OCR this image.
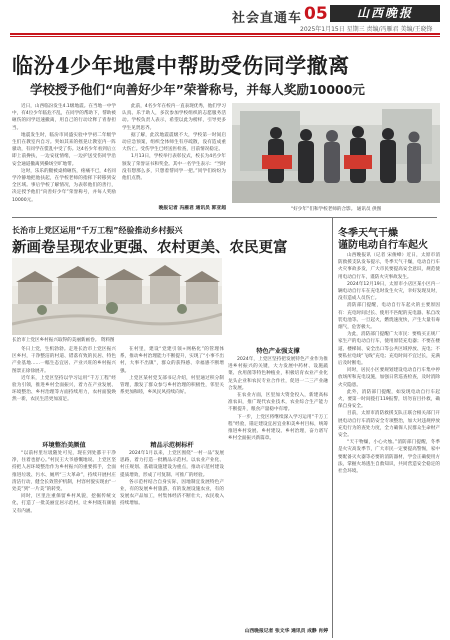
社会直通车 05	山西晚报
2025年1月15日 星期三 责编/冯雁君 美编/王晓锋
临汾4少年地震中帮助受伤同学撤离
学校授予他们“向善好少年”荣誉称号，并每人奖励10000元

近日，山西临汾发生4.1级地震。在当地一中学中，有4位少年临危不乱，在同学的帮助下，帮助被砸伤的同学迅速撤离，用自己的行动诠释了青春担当。

地震发生时，临汾市同盛实验中学初二年级学生们在教室内自习。突如其来的摇晃让教室内一阵骚动，有同学在慌乱中受了伤。这4名少年看到后立即上前搀扶，一边安抚情绪，一边护送受伤同学沿安全通道撤离到操场空旷地带。

这时，乐乐的腿被桌椅砸伤，疼痛不已，4名同学冷静地把他扶起，在学校老师的指挥下转移到安全区域。事后学校了解情况，为表彰他们的善行，决定授予他们“向善好少年”荣誉称号，并每人奖励10000元。

此前，4名少年在校内一直表现优秀，他们学习认真、乐于助人，多次参加学校组织的志愿服务活动。学校负责人表示，希望以此为榜样，引导更多学生见贤思齐。

据了解，此次地震震级不大，学校第一时间启动应急预案，组织全体师生有序疏散，没有造成重大伤亡。受伤学生已经送医检查，目前情况稳定。

1月13日，学校举行表彰仪式，校长为4名少年颁发了荣誉证书和奖金。其中一名学生表示：“当时没有想那么多，只想着帮同学一把。”同学们纷纷为他们点赞。

晚报记者 冯雁君 通讯员 郭亚超	“好少年”们和学校老师的合影。 通讯员 供图
长治市上党区运用“千万工程”经验推动乡村振兴
新画卷呈现农业更强、农村更美、农民更富
长治市上党区乡村振兴取得的美丽新画卷。 资料图

冬日上党，生机勃勃。走进长治市上党区振兴区乡村，干净整洁的村道、错落有致的民居、特色产业基地……一幅生态宜居、产业兴旺的乡村振兴图景正徐徐展开。

近年来，上党区坚持以学习运用“千万工程”经验为引领，推进乡村全面振兴，着力在产业发展、环境整治、乡村治理等方面持续用力，农村面貌焕然一新，农民生活更加富足。

环境整治美颜值

“以前村里垃圾随处可见，现在到处都干干净净，住着也舒心。”村民王大爷感慨地说。上党区坚持把人居环境整治作为乡村振兴的重要抓手，全面推进垃圾、污水、厕所“三大革命”，持续开展村庄清洁行动，健全长效管护机制，村容村貌实现由“一处美”到“一片美”的转变。

同时，区里注重保留乡村风貌，挖掘传统文化，打造了一批美丽宜居示范村，让乡村既有颜值又有内涵。

在村里，建设“党建引领+网格化”的管理体系，推动乡村治理能力不断提升，实现了“小事不出村，大事不出镇”，群众的获得感、幸福感不断增强。

上党区某村党支部书记介绍，村里通过积分制管理，激发了群众参与乡村治理的积极性，邻里关系更加和睦，乡风民风持续向好。

精品示范树标杆

2024年1月以来，上党区围绕“一村一品”发展思路，着力打造一批精品示范村。以农业产业化、村庄规划、基础设施建设为重点，推动示范村建设提质增效，形成了可复制、可推广的经验。

各示范村结合自身实际，因地制宜发展特色产业，有的发展乡村旅游，有的发展设施农业，有的发展农产品加工，村集体经济不断壮大，农民收入持续增加。

特色产业强支撑

2024年，上党区坚持把发展特色产业作为推进乡村振兴的关键，大力发展中药材、设施蔬菜、食用菌等特色种植业，积极培育农业产业化龙头企业和农民专业合作社，促进一二三产业融合发展。

在农业方面，区里加大资金投入，新建高标准农田，推广现代农业技术，农业综合生产能力不断提升，粮食产量稳中有增。

下一步，上党区将继续深入学习运用“千万工程”经验，锚定建设宜居宜业和美乡村目标，统筹推进乡村发展、乡村建设、乡村治理，奋力谱写乡村全面振兴新篇章。

山西晚报记者 张文华 通讯员 成静 肖婷
冬季天气干燥
谨防电动自行车起火

山西晚报讯（记者 宋俊峰）近日，太原市消防救援支队发布提示，冬季天气干燥，电动自行车火灾事故多发，广大市民要提高安全意识，规范使用电动自行车，谨防火灾事故发生。

2024年12月19日，太原市小店区某小区内一辆电动自行车在充电时发生火灾，幸好发现及时，没有造成人员伤亡。

消防部门提醒，电动自行车起火的主要原因有：充电时间过长、使用不匹配的充电器、私自改装电池等。一旦起火，燃烧速度快，产生大量有毒烟气，危害极大。

为此，消防部门提醒广大市民：要购买正规厂家生产的电动自行车，使用原装充电器；不要在楼道、楼梯间、安全出口等公共区域停放、充电；不要私拉电线“飞线”充电；充电时间不宜过长，充满后及时断电。

同时，居民小区要规划建设电动自行车集中停放场所和充电设施，加强日常巡查检查，及时消除火灾隐患。

此外，消防部门提醒，如发现电动自行车起火，要第一时间拨打119报警，切勿盲目扑救，确保自身安全。

目前，太原市消防救援支队正联合相关部门开展电动自行车消防安全专项整治，加大对违规停放充电行为的查处力度，全力确保人民群众生命财产安全。

“天干物燥，小心火烛。”消防部门提醒，冬季是火灾高发季节，广大市民一定要提高警惕，家中要配备灭火器等必要的消防器材，学会正确使用方法，掌握火场逃生自救知识，共同营造安全稳定的社会环境。
